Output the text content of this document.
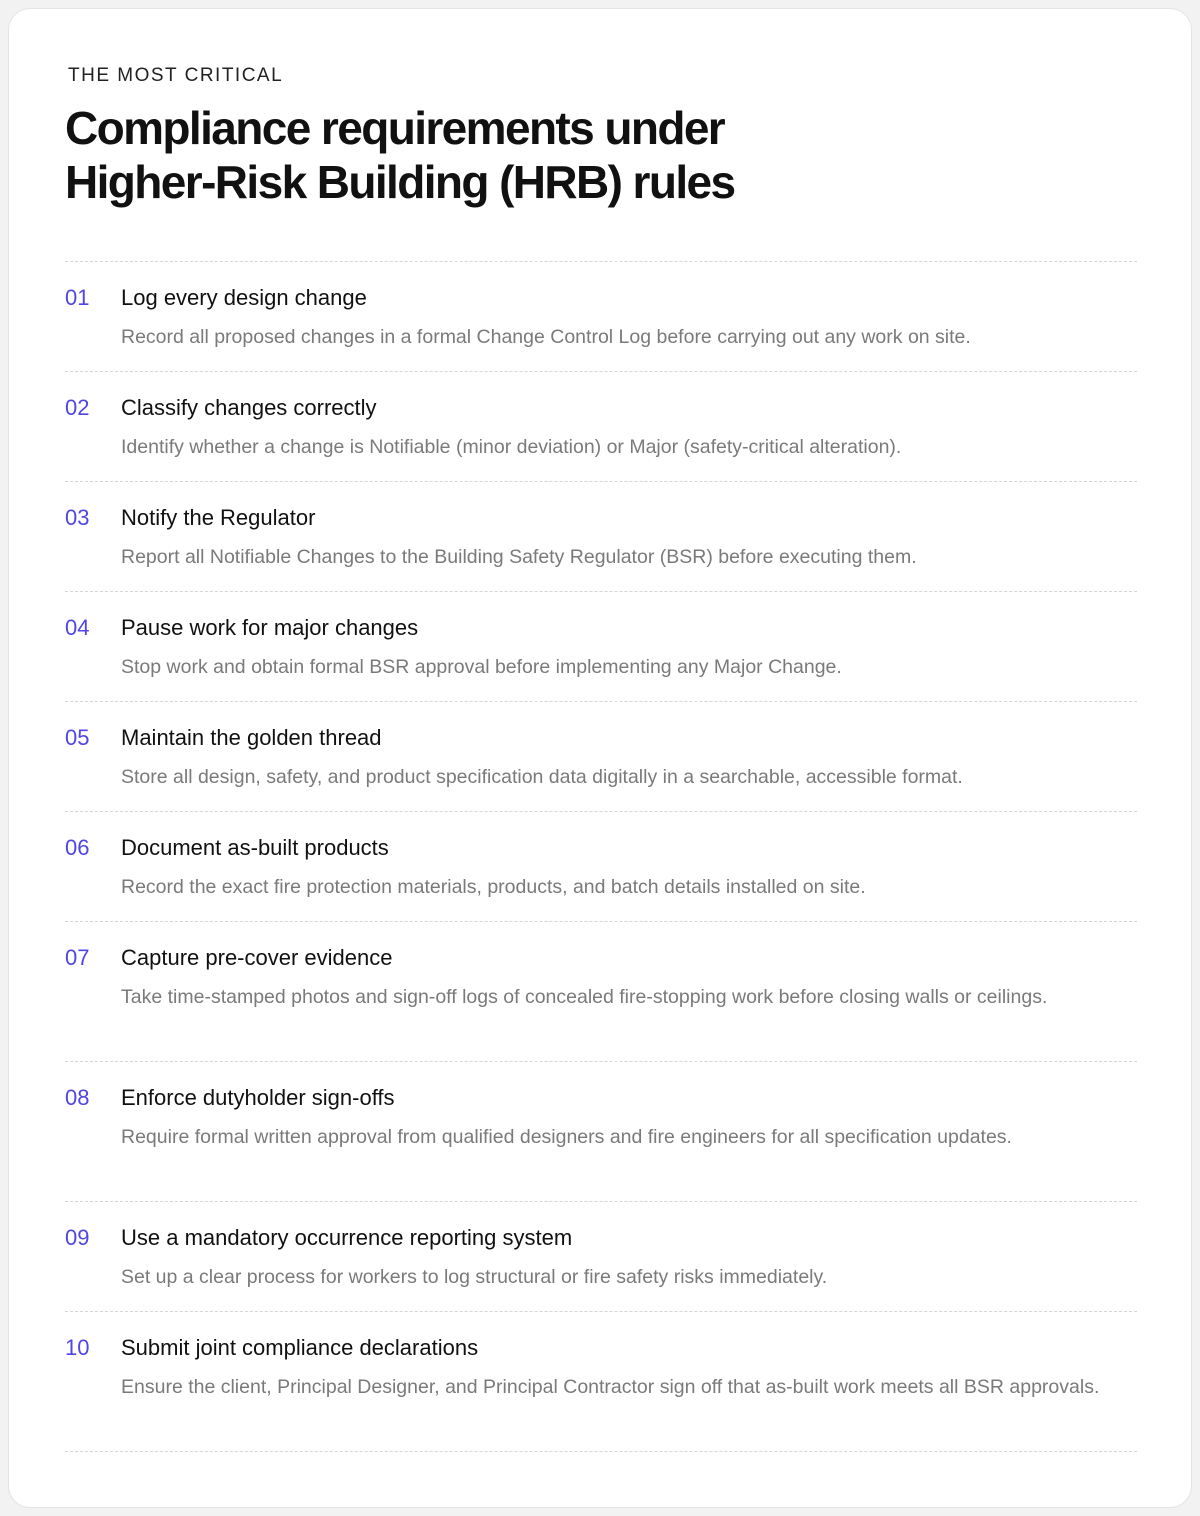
THE MOST CRITICAL

Compliance requirements under
Higher-Risk Building (HRB) rules
01 Log every design change

Record all proposed changes in a formal Change Control Log before carrying out any work on site.

02 Classify changes correctly

Identify whether a change is Notifiable (minor deviation) or Major (safety-critical alteration).

03 Notify the Regulator

Report all Notifiable Changes to the Building Safety Regulator (BSR) before executing them.

04 Pause work for major changes

Stop work and obtain formal BSR approval before implementing any Major Change.

05 Maintain the golden thread

Store all design, safety, and product specification data digitally in a searchable, accessible format.

06 Document as-built products

Record the exact fire protection materials, products, and batch details installed on site.

07 Capture pre-cover evidence

Take time-stamped photos and sign-off logs of concealed fire-stopping work before closing walls or ceilings.

08 Enforce dutyholder sign-offs

Require formal written approval from qualified designers and fire engineers for all specification updates.

09 Use a mandatory occurrence reporting system

Set up a clear process for workers to log structural or fire safety risks immediately.

10 Submit joint compliance declarations

Ensure the client, Principal Designer, and Principal Contractor sign off that as-built work meets all BSR approvals.
